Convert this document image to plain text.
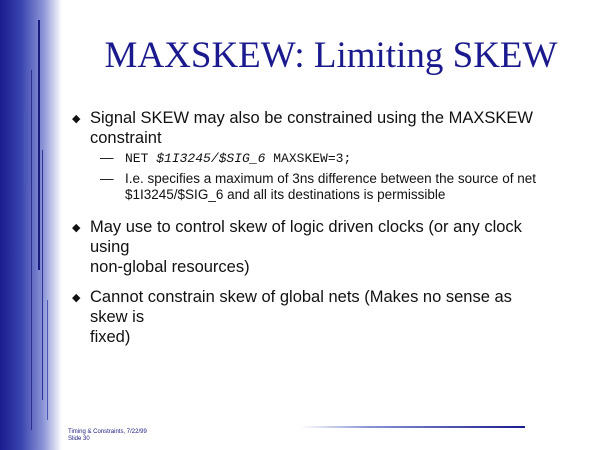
MAXSKEW: Limiting SKEW
◆ Signal SKEW may also be constrained using the MAXSKEW
constraint
— NET $1I3245/$SIG_6 MAXSKEW=3;
— I.e. specifies a maximum of 3ns difference between the source of net
$1I3245/$SIG_6 and all its destinations is permissible
◆ May use to control skew of logic driven clocks (or any clock using
non-global resources)
◆ Cannot constrain skew of global nets (Makes no sense as skew is
fixed)
Timing & Constraints, 7/22/99
Slide 30
